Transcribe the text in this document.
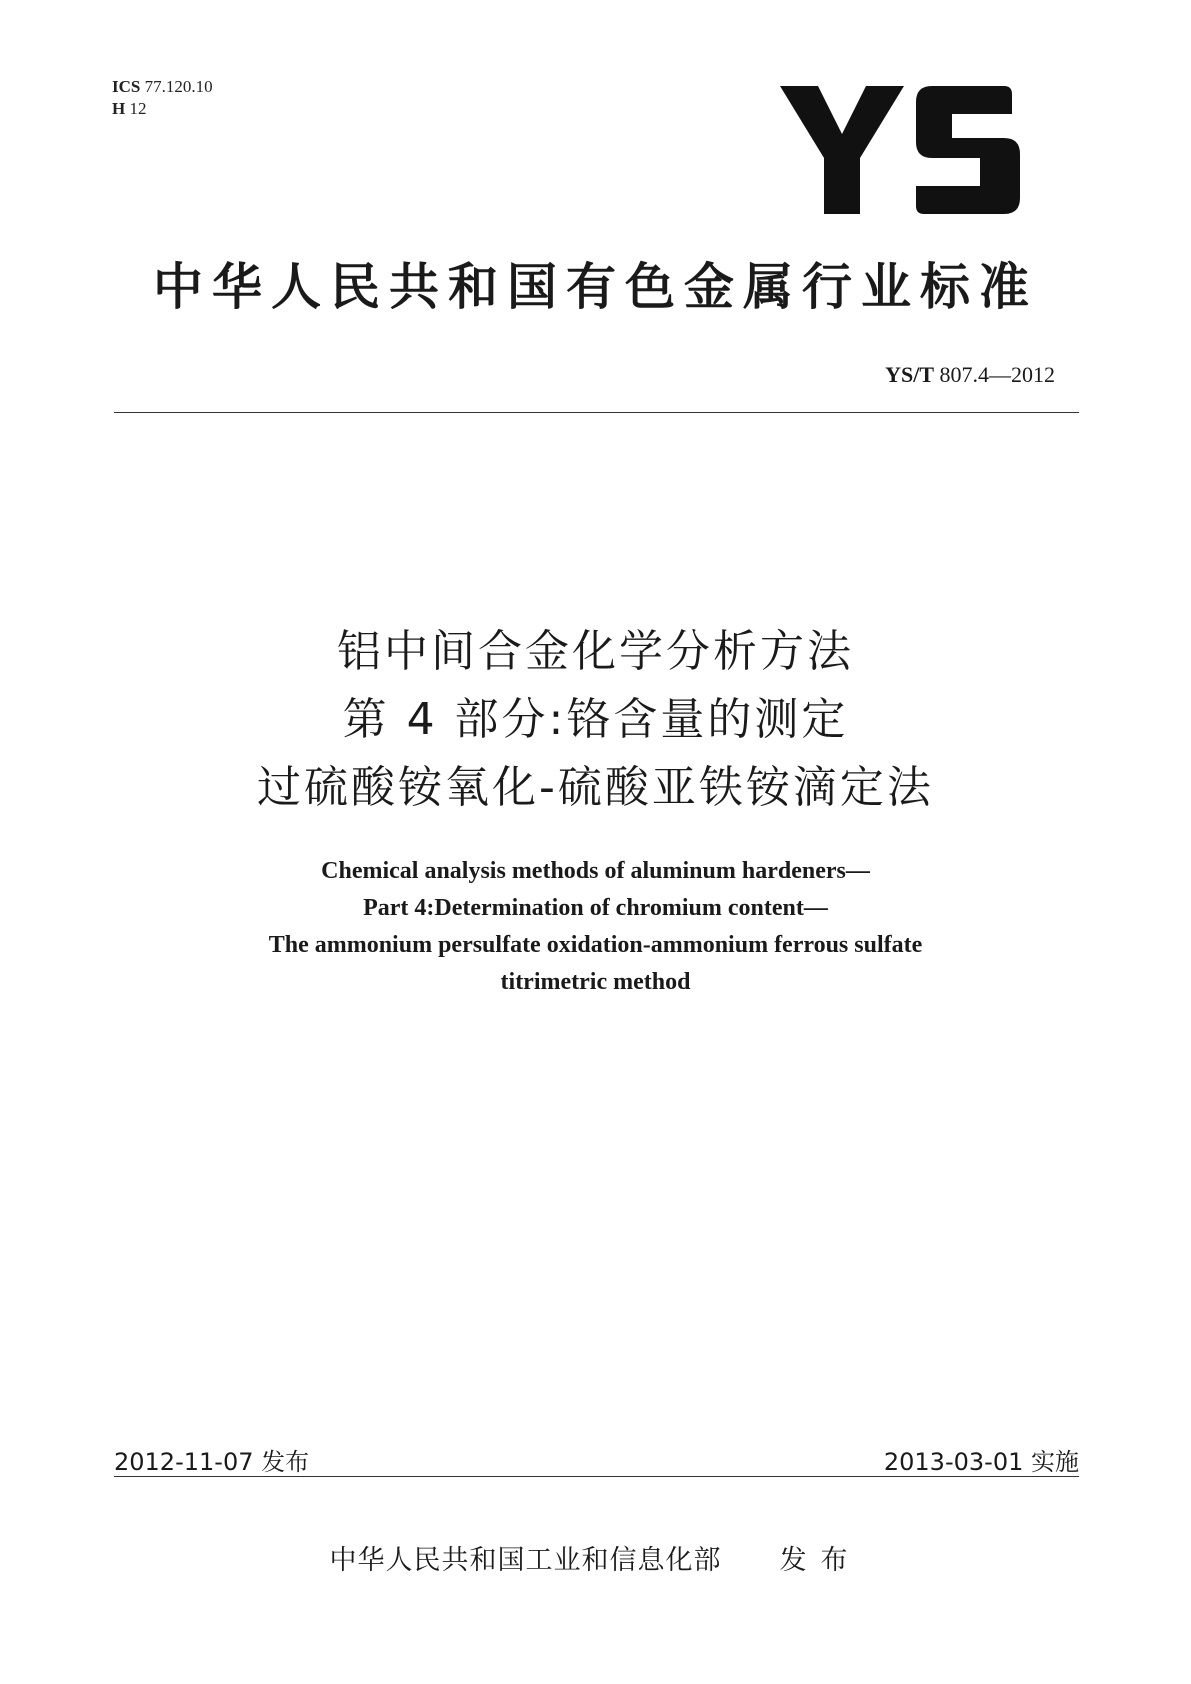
ICS 77.120.10
H 12
中华人民共和国有色金属行业标准
YS/T 807.4—2012
铝中间合金化学分析方法
第 4 部分:铬含量的测定
过硫酸铵氧化-硫酸亚铁铵滴定法
Chemical analysis methods of aluminum hardeners—
Part 4:Determination of chromium content—
The ammonium persulfate oxidation-ammonium ferrous sulfate
titrimetric method
2012-11-07 发布	2013-03-01 实施
中华人民共和国工业和信息化部 发布
